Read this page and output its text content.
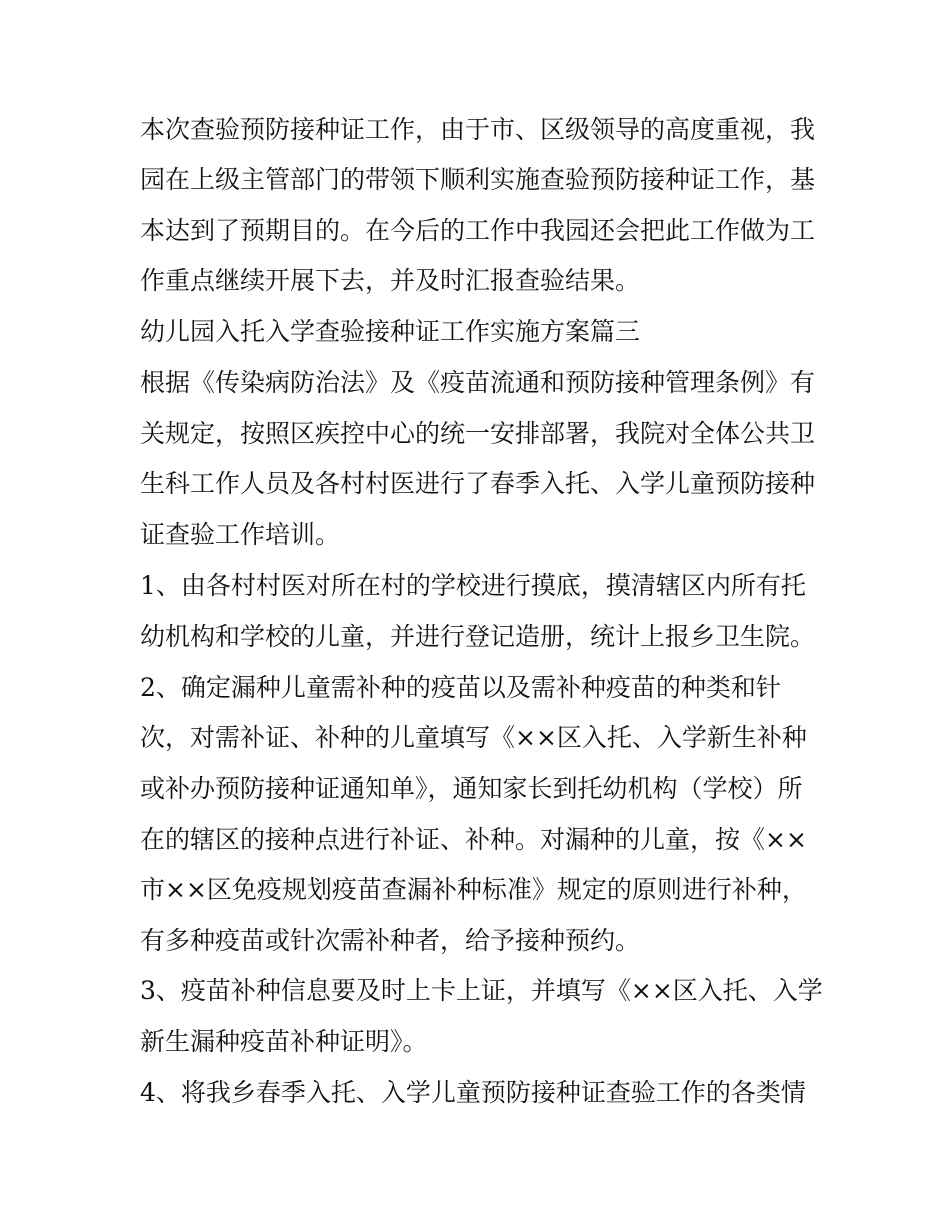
本次查验预防接种证工作，由于市、区级领导的高度重视，我
园在上级主管部门的带领下顺利实施查验预防接种证工作，基
本达到了预期目的。在今后的工作中我园还会把此工作做为工
作重点继续开展下去，并及时汇报查验结果。
幼儿园入托入学查验接种证工作实施方案篇三
根据《传染病防治法》及《疫苗流通和预防接种管理条例》有
关规定，按照区疾控中心的统一安排部署，我院对全体公共卫
生科工作人员及各村村医进行了春季入托、入学儿童预防接种
证查验工作培训。
1、由各村村医对所在村的学校进行摸底，摸清辖区内所有托
幼机构和学校的儿童，并进行登记造册，统计上报乡卫生院。
2、确定漏种儿童需补种的疫苗以及需补种疫苗的种类和针
次，对需补证、补种的儿童填写《××区入托、入学新生补种
或补办预防接种证通知单》，通知家长到托幼机构（学校）所
在的辖区的接种点进行补证、补种。对漏种的儿童，按《××
市××区免疫规划疫苗查漏补种标准》规定的原则进行补种，
有多种疫苗或针次需补种者，给予接种预约。
3、疫苗补种信息要及时上卡上证，并填写《××区入托、入学
新生漏种疫苗补种证明》。
4、将我乡春季入托、入学儿童预防接种证查验工作的各类情
